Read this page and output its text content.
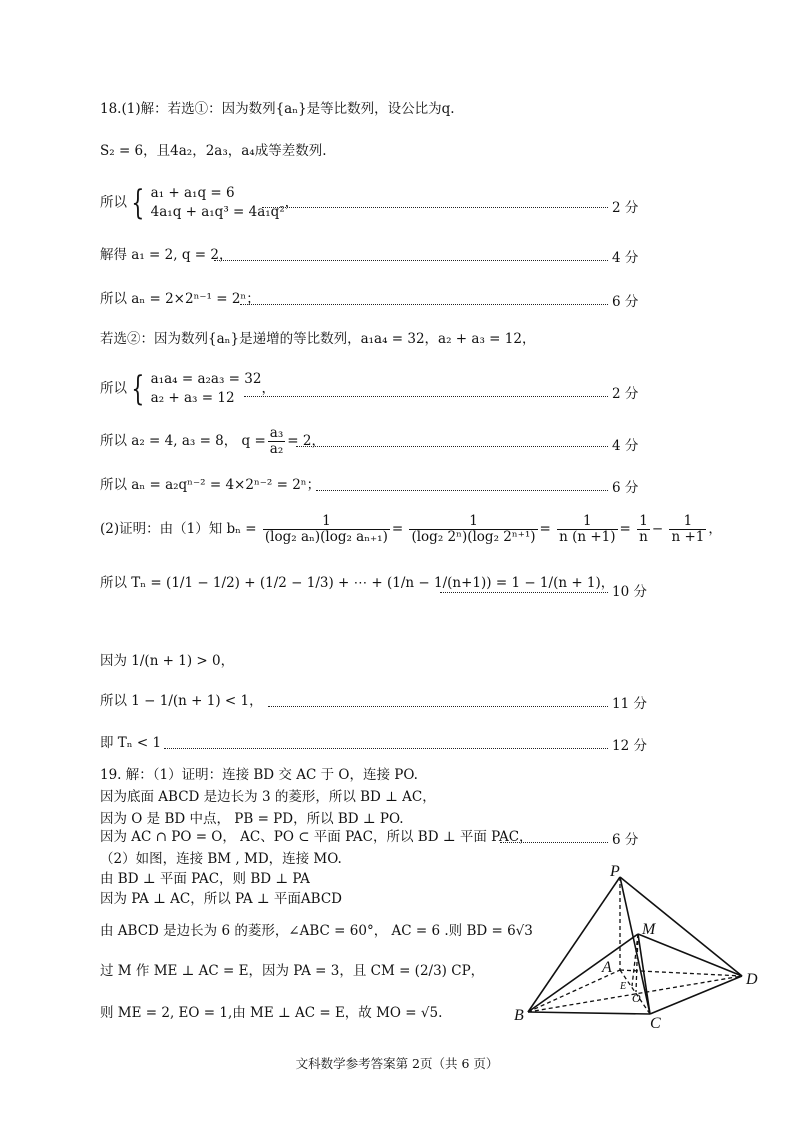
18.(1)解：若选①：因为数列{aₙ}是等比数列，设公比为q.
S₂ = 6，且4a₂，2a₃，a₄成等差数列.
所以 { a₁ + a₁q = 6
4a₁q + a₁q³ = 4a₁q²，	2 分
解得 a₁ = 2, q = 2，	4 分
所以 aₙ = 2×2ⁿ⁻¹ = 2ⁿ；	6 分
若选②：因为数列{aₙ}是递增的等比数列，a₁a₄ = 32，a₂ + a₃ = 12，
所以 { a₁a₄ = a₂a₃ = 32
a₂ + a₃ = 12，	2 分
所以 a₂ = 4, a₃ = 8， $q = \frac{\text{a₃}}{\text{a₂}} = 2$，	4 分
所以 aₙ = a₂qⁿ⁻² = 4×2ⁿ⁻² = 2ⁿ；	6 分
(2)证明：由（1）知 $b_n = \frac{1}{\text{(log₂ aₙ)(log₂ aₙ₊₁)}} = \frac{1}{\text{(log₂ 2ⁿ)(log₂ 2ⁿ⁺¹)}} = \frac{1}{n (n +1)} = \frac{1}{n} - \frac{1}{n +1}$ ，
所以 Tₙ = (1/1 − 1/2) + (1/2 − 1/3) + ⋯ + (1/n − 1/(n+1)) = 1 − 1/(n + 1)，
10 分
因为 1/(n + 1) > 0，
所以 1 − 1/(n + 1) < 1，	11 分
即 Tₙ < 1	12 分
19. 解：（1）证明：连接 BD 交 AC 于 O，连接 PO.
因为底面 ABCD 是边长为 3 的菱形，所以 BD ⊥ AC，
因为 O 是 BD 中点， PB = PD，所以 BD ⊥ PO.
因为 AC ∩ PO = O， AC、PO ⊂ 平面 PAC，所以 BD ⊥ 平面 PAC，	6 分
（2）如图，连接 BM , MD，连接 MO.
由 BD ⊥ 平面 PAC，则 BD ⊥ PA
因为 PA ⊥ AC，所以 PA ⊥ 平面ABCD
由 ABCD 是边长为 6 的菱形，∠ABC = 60°， AC = 6 .则 BD = 6√3
过 M 作 ME ⊥ AC = E，因为 PA = 3，且 CM = (2/3) CP，
则 ME = 2, EO = 1,由 ME ⊥ AC = E，故 MO = √5.
P
M
A
E
O
B	C
D
文科数学参考答案第 2页（共 6 页）
